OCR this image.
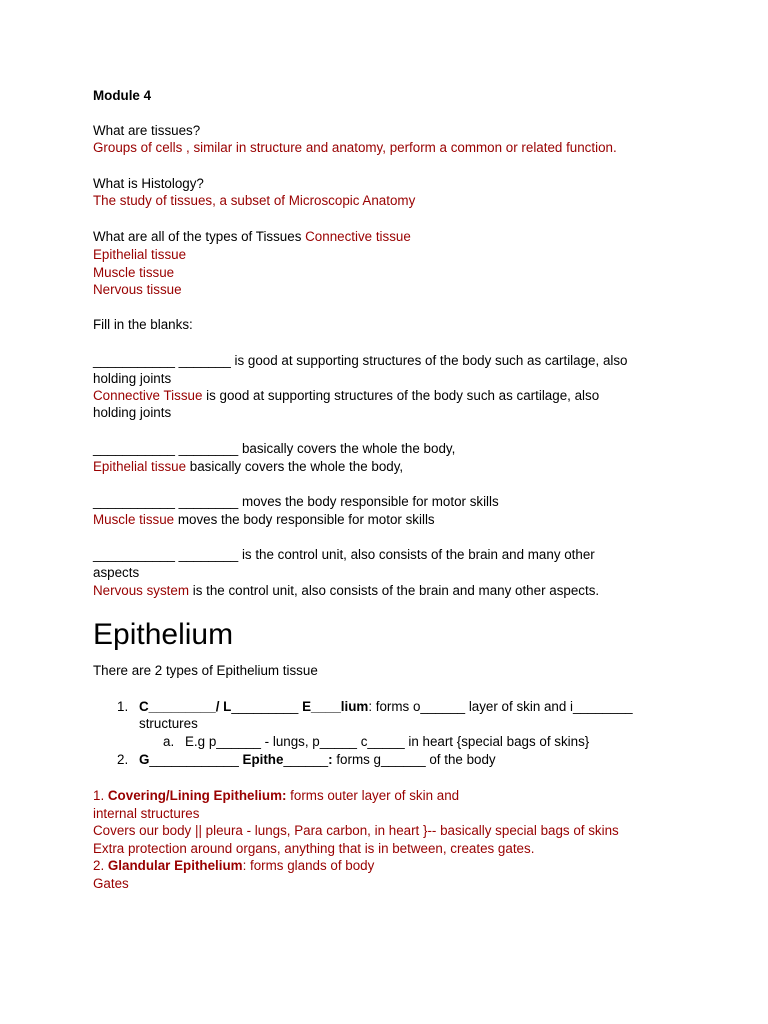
Module 4
What are tissues?
Groups of cells , similar in structure and anatomy, perform a common or related function.
What is Histology?
The study of tissues, a subset of Microscopic Anatomy
What are all of the types of Tissues Connective tissue
Epithelial tissue
Muscle tissue
Nervous tissue
Fill in the blanks:
___________ _______ is good at supporting structures of the body such as cartilage, also
holding joints
Connective Tissue is good at supporting structures of the body such as cartilage, also
holding joints
___________ ________ basically covers the whole the body,
Epithelial tissue basically covers the whole the body,
___________ ________ moves the body responsible for motor skills
Muscle tissue moves the body responsible for motor skills
___________ ________ is the control unit, also consists of the brain and many other
aspects
Nervous system is the control unit, also consists of the brain and many other aspects.
Epithelium
There are 2 types of Epithelium tissue
1. C_________/ L_________ E____lium: forms o______ layer of skin and i________
structures
a. E.g p______ - lungs, p_____ c_____ in heart {special bags of skins}
2. G____________ Epithe______: forms g______ of the body
1. Covering/Lining Epithelium: forms outer layer of skin and
internal structures
Covers our body || pleura - lungs, Para carbon, in heart }-- basically special bags of skins
Extra protection around organs, anything that is in between, creates gates.
2. Glandular Epithelium: forms glands of body
Gates
